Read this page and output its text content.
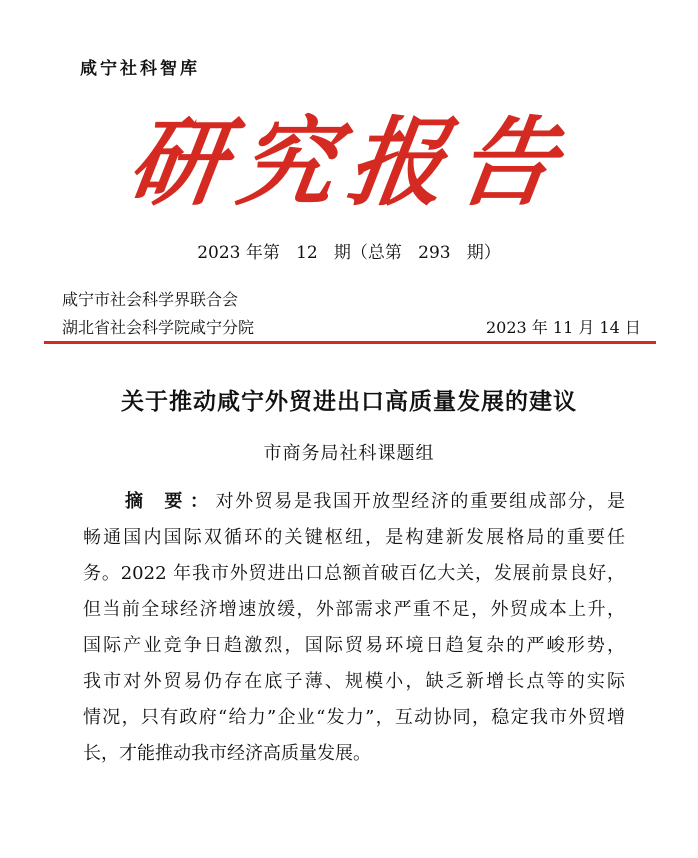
咸宁社科智库
研究报告
2023 年第   12   期（总第   293   期）
咸宁市社会科学界联合会
湖北省社会科学院咸宁分院	2023 年 11 月 14 日
关于推动咸宁外贸进出口高质量发展的建议
市商务局社科课题组
摘 要：对外贸易是我国开放型经济的重要组成部分，是
畅通国内国际双循环的关键枢纽，是构建新发展格局的重要任
务。2022 年我市外贸进出口总额首破百亿大关，发展前景良好，
但当前全球经济增速放缓，外部需求严重不足，外贸成本上升，
国际产业竞争日趋激烈，国际贸易环境日趋复杂的严峻形势，
我市对外贸易仍存在底子薄、规模小，缺乏新增长点等的实际
情况，只有政府“给力”企业“发力”，互动协同，稳定我市外贸增
长，才能推动我市经济高质量发展。
